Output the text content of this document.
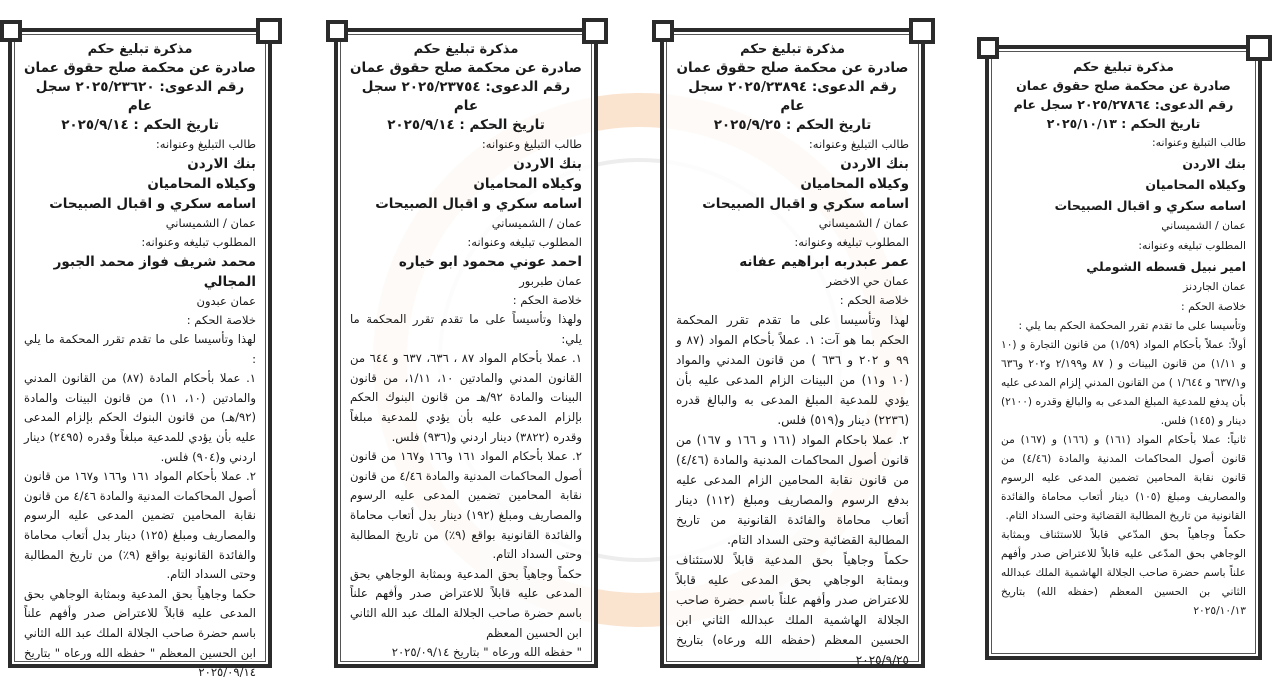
مذكرة تبليغ حكم
صادرة عن محكمة صلح حقوق عمان
رقم الدعوى: ٢٠٢٥/٢٣٦٢٠ سجل عام
تاريخ الحكم : ٢٠٢٥/٩/١٤
طالب التبليغ وعنوانه:
بنك الاردن
وكيلاه المحاميان
اسامه سكري و اقبال الصبيحات
عمان / الشميساني
المطلوب تبليغه وعنوانه:
محمد شريف فواز محمد الجبور المجالي
عمان عبدون
خلاصة الحكم :

لهذا وتأسيسا على ما تقدم تقرر المحكمة ما يلي :

١. عملا بأحكام المادة (٨٧) من القانون المدني والمادتين (١٠، ١١) من قانون البينات والمادة (٩٢/هـ) من قانون البنوك الحكم بإلزام المدعى عليه بأن يؤدي للمدعية مبلغاً وقدره (٢٤٩٥) دينار اردني و(٩٠٤) فلس.

٢. عملا بأحكام المواد ١٦١ و١٦٦ و١٦٧ من قانون أصول المحاكمات المدنية والمادة ٤/٤٦ من قانون نقابة المحامين تضمين المدعى عليه الرسوم والمصاريف ومبلغ (١٢٥) دينار بدل أتعاب محاماة والفائدة القانونية بواقع (٩٪) من تاريخ المطالبة وحتى السداد التام.

حكما وجاهياً بحق المدعية وبمثابة الوجاهي بحق المدعى عليه قابلاً للاعتراض صدر وأفهم علناً باسم حضرة صاحب الجلالة الملك عبد الله الثاني ابن الحسين المعظم " حفظه الله ورعاه " بتاريخ ٢٠٢٥/٠٩/١٤

مذكرة تبليغ حكم
صادرة عن محكمة صلح حقوق عمان
رقم الدعوى: ٢٠٢٥/٢٣٧٥٤ سجل عام
تاريخ الحكم : ٢٠٢٥/٩/١٤
طالب التبليغ وعنوانه:
بنك الاردن
وكيلاه المحاميان
اسامه سكري و اقبال الصبيحات
عمان / الشميساني
المطلوب تبليغه وعنوانه:
احمد عوني محمود ابو خياره
عمان طبربور
خلاصة الحكم :

ولهذا وتأسيساً على ما تقدم تقرر المحكمة ما يلي:

١. عملا بأحكام المواد ٨٧ ، ٦٣٦، ٦٣٧ و ٦٤٤ من القانون المدني والمادتين ١٠، ١/١١، من قانون البينات والمادة ٩٢/هـ من قانون البنوك الحكم بإلزام المدعى عليه بأن يؤدي للمدعية مبلغاً وقدره (٣٨٢٢) دينار اردني و(٩٣٦) فلس.

٢. عملا بأحكام المواد ١٦١ و١٦٦ و١٦٧ من قانون أصول المحاكمات المدنية والمادة ٤/٤٦ من قانون نقابة المحامين تضمين المدعى عليه الرسوم والمصاريف ومبلغ (١٩٢) دينار بدل أتعاب محاماة والفائدة القانونية بواقع (٩٪) من تاريخ المطالبة وحتى السداد التام.

حكماً وجاهياً بحق المدعية وبمثابة الوجاهي بحق المدعى عليه قابلاً للاعتراض صدر وأفهم علناً باسم حضرة صاحب الجلالة الملك عبد الله الثاني ابن الحسين المعظم

" حفظه الله ورعاه " بتاريخ ٢٠٢٥/٠٩/١٤

مذكرة تبليغ حكم
صادرة عن محكمة صلح حقوق عمان
رقم الدعوى: ٢٠٢٥/٢٣٨٩٤ سجل عام
تاريخ الحكم : ٢٠٢٥/٩/٢٥
طالب التبليغ وعنوانه:
بنك الاردن
وكيلاه المحاميان
اسامه سكري و اقبال الصبيحات
عمان / الشميساني
المطلوب تبليغه وعنوانه:
عمر عبدربه ابراهيم عفانه
عمان حي الاخضر
خلاصة الحكم :

لهذا وتأسيسا على ما تقدم تقرر المحكمة الحكم بما هو آت: ١. عملاً بأحكام المواد (٨٧ و ٩٩ و ٢٠٢ و ٦٣٦ ) من قانون المدني والمواد (١٠ و١١) من البينات الزام المدعى عليه بأن يؤدي للمدعية المبلغ المدعى به والبالغ قدره (٢٢٣٦) دينار و(٥١٩) فلس.

٢. عملا باحكام المواد (١٦١ و ١٦٦ و ١٦٧) من قانون أصول المحاكمات المدنية والمادة (٤/٤٦) من قانون نقابة المحامين الزام المدعى عليه بدفع الرسوم والمصاريف ومبلغ (١١٢) دينار أتعاب محاماة والفائدة القانونية من تاريخ المطالبة القضائية وحتى السداد التام.

حكماً وجاهياً بحق المدعية قابلاً للاستئناف وبمثابة الوجاهي بحق المدعى عليه قابلاً للاعتراض صدر وأفهم علناً باسم حضرة صاحب الجلالة الهاشمية الملك عبدالله الثاني ابن الحسين المعظم (حفظه الله ورعاه) بتاريخ ٢٠٢٥/٩/٢٥

مذكرة تبليغ حكم
صادرة عن محكمة صلح حقوق عمان
رقم الدعوى: ٢٠٢٥/٢٧٨٦٤ سجل عام
تاريخ الحكم : ٢٠٢٥/١٠/١٣
طالب التبليغ وعنوانه:
بنك الاردن
وكيلاه المحاميان
اسامه سكري و اقبال الصبيحات
عمان / الشميساني
المطلوب تبليغه وعنوانه:
امير نبيل قسطه الشوملي
عمان الجاردنز
خلاصة الحكم :

وتأسيسا على ما تقدم تقرر المحكمة الحكم بما يلي :

أولاً: عملاً بأحكام المواد (١/٥٩) من قانون التجارة و (١٠ و ١/١١) من قانون البينات و ( ٨٧ و٢/١٩٩ و٢٠٢ و٦٣٦ و٦٣٧/١ و ١/٦٤٤ ) من القانون المدني إلزام المدعى عليه بأن يدفع للمدعية المبلغ المدعى به والبالغ وقدره (٢١٠٠) دينار و (١٤٥) فلس.

ثانياً: عملا بأحكام المواد (١٦١) و (١٦٦) و (١٦٧) من قانون أصول المحاكمات المدنية والمادة (٤/٤٦) من قانون نقابة المحامين تضمين المدعى عليه الرسوم والمصاريف ومبلغ (١٠٥) دينار أتعاب محاماة والفائدة القانونية من تاريخ المطالبة القضائية وحتى السداد التام.

حكماً وجاهياً بحق المدّعي قابلاً للاستئناف وبمثابة الوجاهي بحق المدّعى عليه قابلاً للاعتراض صدر وأفهم علناً باسم حضرة صاحب الجلالة الهاشمية الملك عبدالله الثاني بن الحسين المعظم (حفظه الله) بتاريخ ٢٠٢٥/١٠/١٣
